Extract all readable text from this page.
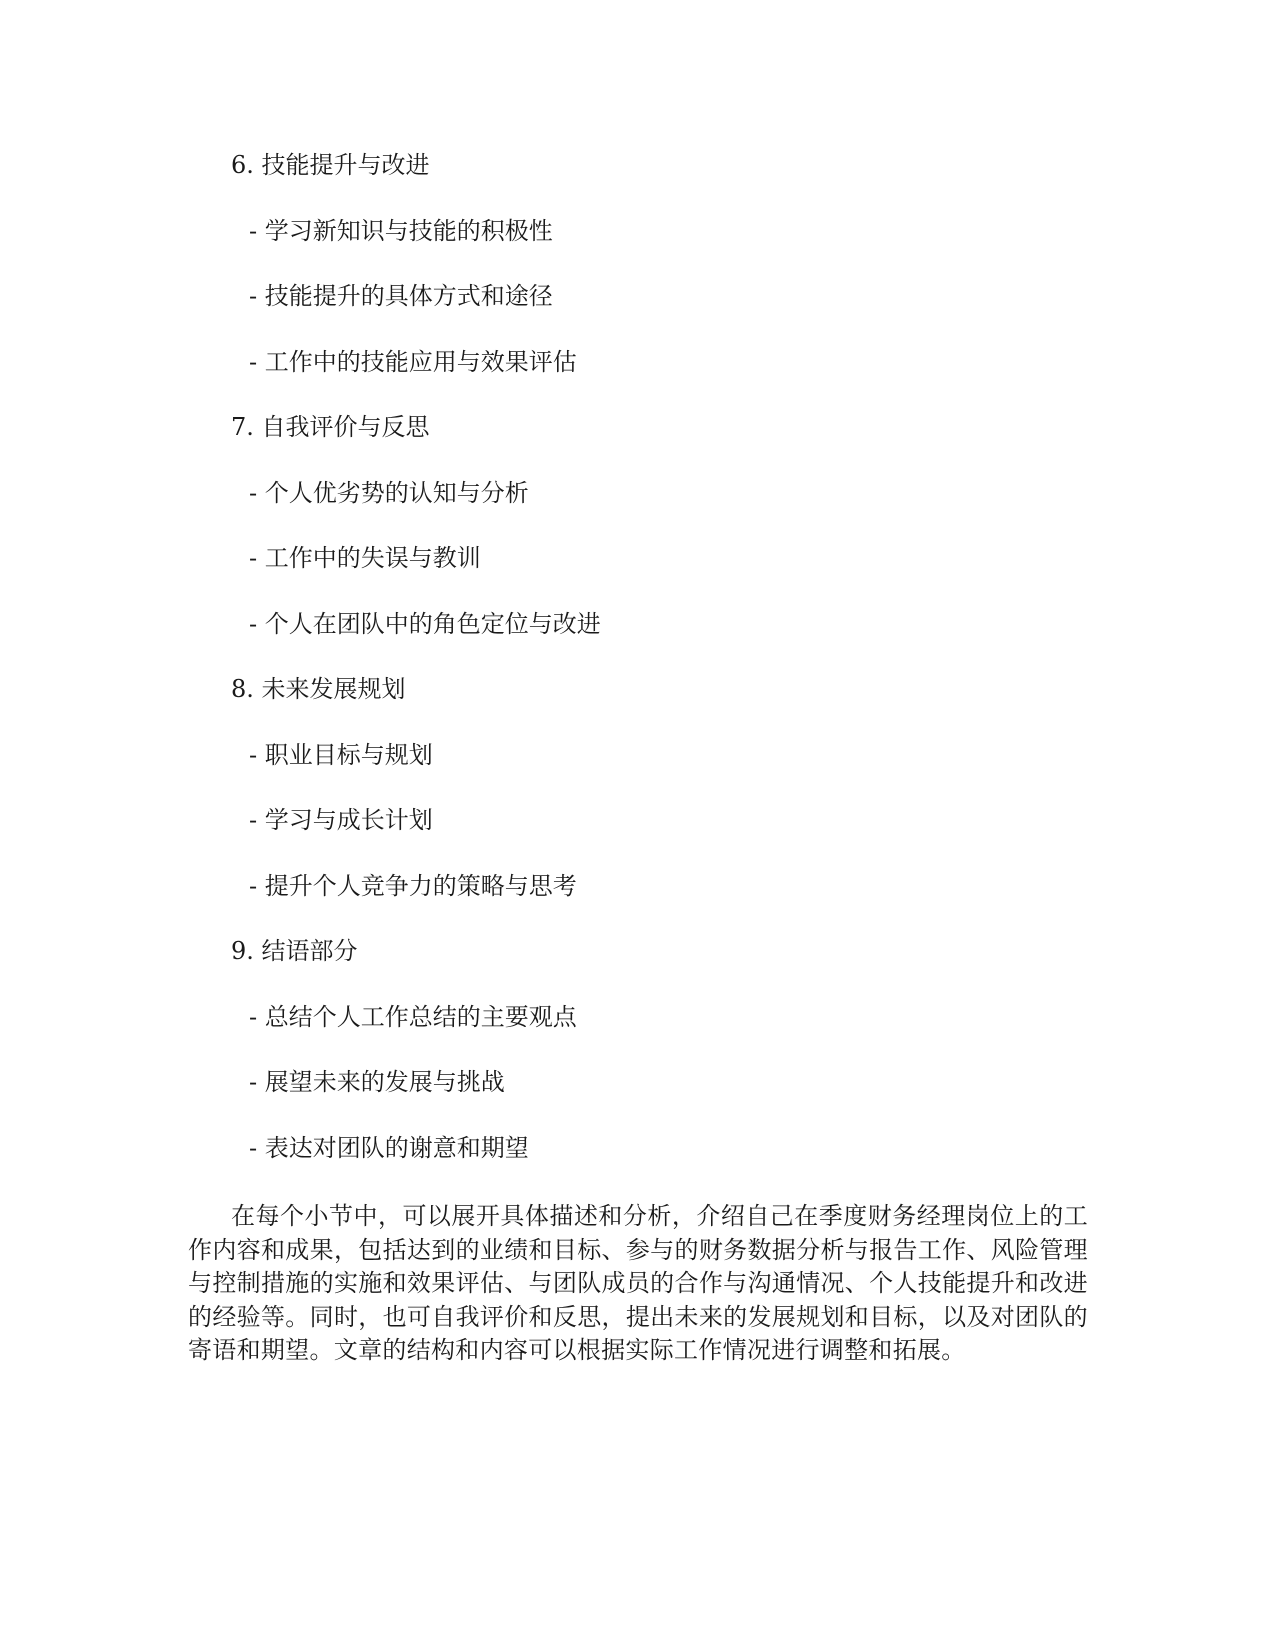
6. 技能提升与改进
- 学习新知识与技能的积极性
- 技能提升的具体方式和途径
- 工作中的技能应用与效果评估
7. 自我评价与反思
- 个人优劣势的认知与分析
- 工作中的失误与教训
- 个人在团队中的角色定位与改进
8. 未来发展规划
- 职业目标与规划
- 学习与成长计划
- 提升个人竞争力的策略与思考
9. 结语部分
- 总结个人工作总结的主要观点
- 展望未来的发展与挑战
- 表达对团队的谢意和期望

在每个小节中，可以展开具体描述和分析，介绍自己在季度财务经理岗位上的工作内容和成果，包括达到的业绩和目标、参与的财务数据分析与报告工作、风险管理与控制措施的实施和效果评估、与团队成员的合作与沟通情况、个人技能提升和改进的经验等。同时，也可自我评价和反思，提出未来的发展规划和目标，以及对团队的寄语和期望。文章的结构和内容可以根据实际工作情况进行调整和拓展。
